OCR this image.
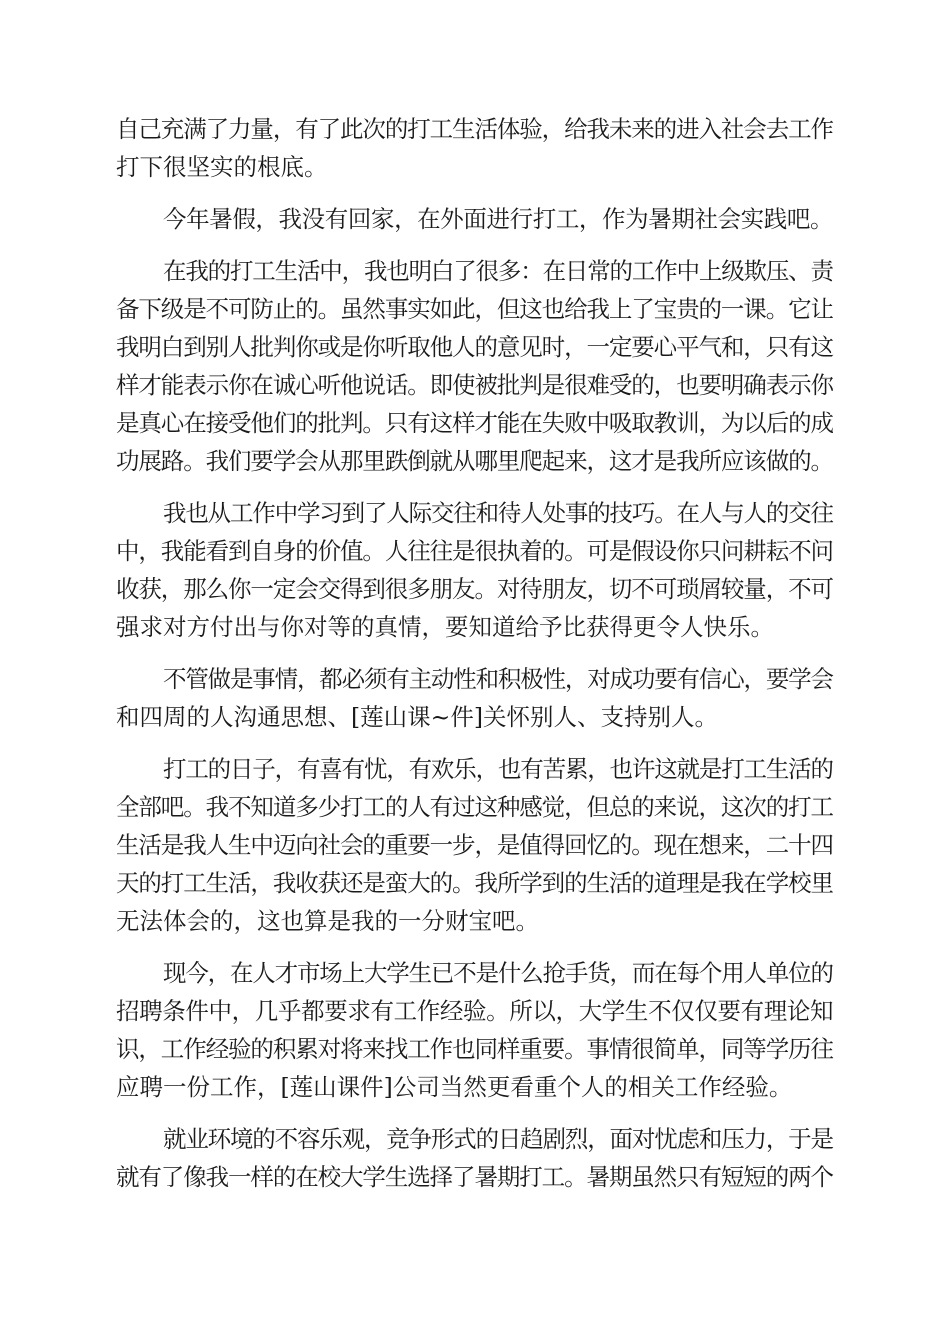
自己充满了力量，有了此次的打工生活体验，给我未来的进入社会去工作
打下很坚实的根底。
今年暑假，我没有回家，在外面进行打工，作为暑期社会实践吧。
在我的打工生活中，我也明白了很多：在日常的工作中上级欺压、责
备下级是不可防止的。虽然事实如此，但这也给我上了宝贵的一课。它让
我明白到别人批判你或是你听取他人的意见时，一定要心平气和，只有这
样才能表示你在诚心听他说话。即使被批判是很难受的，也要明确表示你
是真心在接受他们的批判。只有这样才能在失败中吸取教训，为以后的成
功展路。我们要学会从那里跌倒就从哪里爬起来，这才是我所应该做的。
我也从工作中学习到了人际交往和待人处事的技巧。在人与人的交往
中，我能看到自身的价值。人往往是很执着的。可是假设你只问耕耘不问
收获，那么你一定会交得到很多朋友。对待朋友，切不可琐屑较量，不可
强求对方付出与你对等的真情，要知道给予比获得更令人快乐。
不管做是事情，都必须有主动性和积极性，对成功要有信心，要学会
和四周的人沟通思想、[莲山课~件]关怀别人、支持别人。
打工的日子，有喜有忧，有欢乐，也有苦累，也许这就是打工生活的
全部吧。我不知道多少打工的人有过这种感觉，但总的来说，这次的打工
生活是我人生中迈向社会的重要一步，是值得回忆的。现在想来，二十四
天的打工生活，我收获还是蛮大的。我所学到的生活的道理是我在学校里
无法体会的，这也算是我的一分财宝吧。
现今，在人才市场上大学生已不是什么抢手货，而在每个用人单位的
招聘条件中，几乎都要求有工作经验。所以，大学生不仅仅要有理论知
识，工作经验的积累对将来找工作也同样重要。事情很简单，同等学历往
应聘一份工作，[莲山课件]公司当然更看重个人的相关工作经验。
就业环境的不容乐观，竞争形式的日趋剧烈，面对忧虑和压力，于是
就有了像我一样的在校大学生选择了暑期打工。暑期虽然只有短短的两个
